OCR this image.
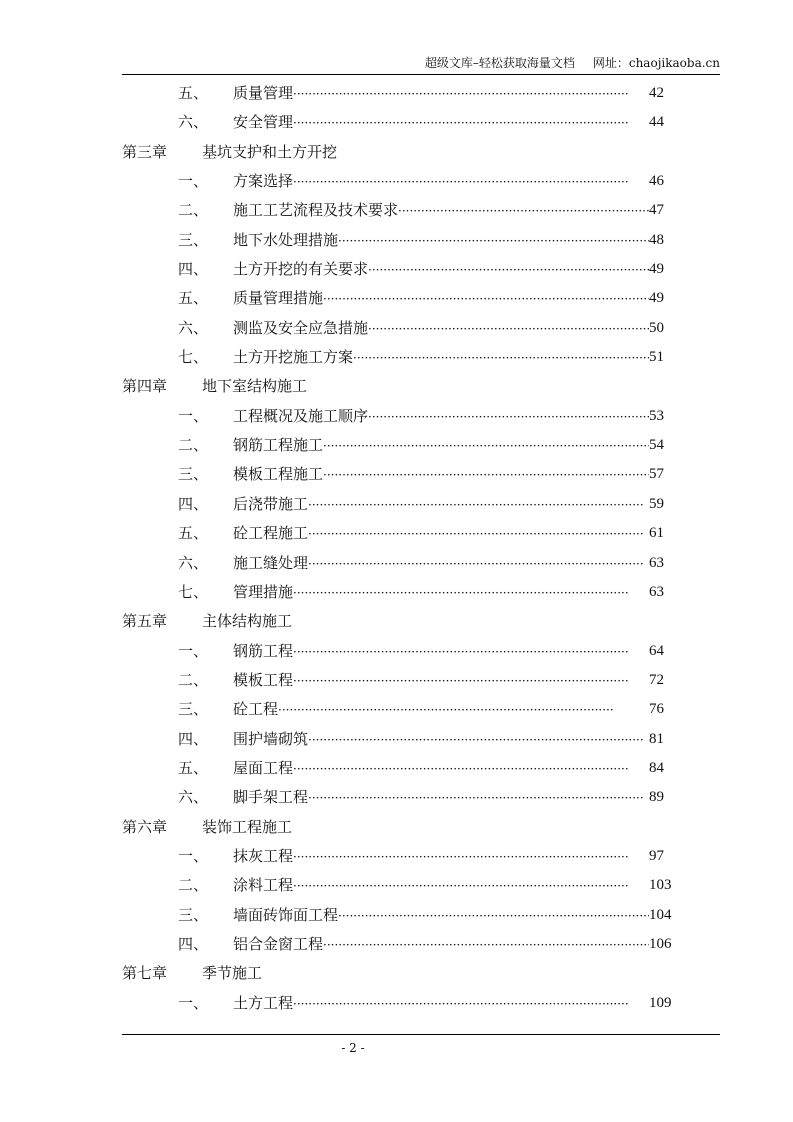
超级文库–轻松获取海量文档 网址：chaojikaoba.cn
五、 质量管理 ·····	42
六、 安全管理 ·····	44
第三章 基坑支护和土方开挖
一、 方案选择 ·····	46
二、 施工工艺流程及技术要求 ·····	47
三、 地下水处理措施 ·····	48
四、 土方开挖的有关要求 ·····	49
五、 质量管理措施 ·····	49
六、 测监及安全应急措施 ·····	50
七、 土方开挖施工方案 ·····	51
第四章 地下室结构施工
一、 工程概况及施工顺序 ·····	53
二、 钢筋工程施工 ·····	54
三、 模板工程施工 ·····	57
四、 后浇带施工 ·····	59
五、 砼工程施工 ·····	61
六、 施工缝处理 ·····	63
七、 管理措施 ·····	63
第五章 主体结构施工
一、 钢筋工程 ·····	64
二、 模板工程 ·····	72
三、 砼工程 ·····	76
四、 围护墙砌筑 ·····	81
五、 屋面工程 ·····	84
六、 脚手架工程 ·····	89
第六章 装饰工程施工
一、 抹灰工程 ·····	97
二、 涂料工程 ·····	103
三、 墙面砖饰面工程 ·····	104
四、 铝合金窗工程 ·····	106
第七章 季节施工
一、 土方工程 ·····	109
- 2 -
